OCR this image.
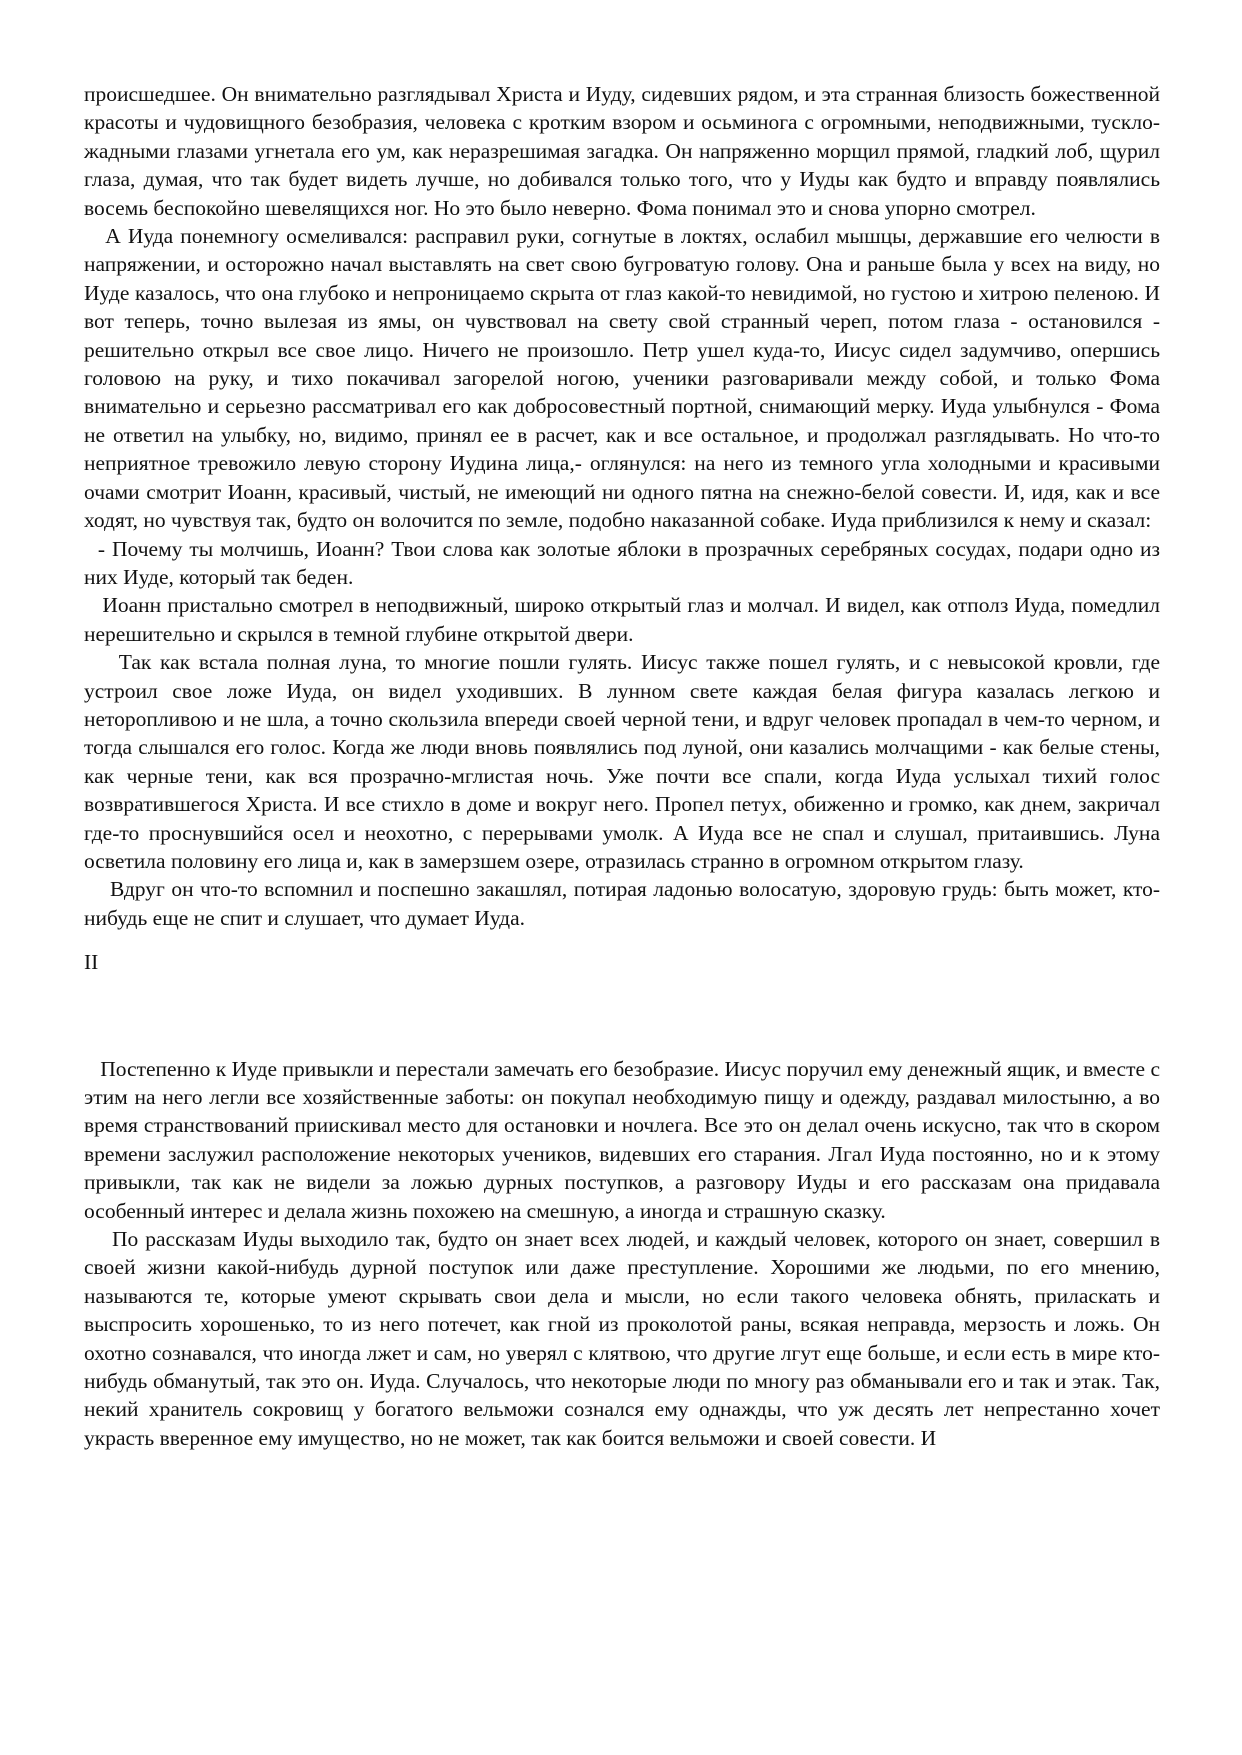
происшедшее. Он внимательно разглядывал Христа и Иуду, сидевших рядом, и эта странная близость божественной красоты и чудовищного безобразия, человека с кротким взором и осьминога с огромными, неподвижными, тускло-жадными глазами угнетала его ум, как неразрешимая загадка. Он напряженно морщил прямой, гладкий лоб, щурил глаза, думая, что так будет видеть лучше, но добивался только того, что у Иуды как будто и вправду появлялись восемь беспокойно шевелящихся ног. Но это было неверно. Фома понимал это и снова упорно смотрел.

А Иуда понемногу осмеливался: расправил руки, согнутые в локтях, ослабил мышцы, державшие его челюсти в напряжении, и осторожно начал выставлять на свет свою бугроватую голову. Она и раньше была у всех на виду, но Иуде казалось, что она глубоко и непроницаемо скрыта от глаз какой-то невидимой, но густою и хитрою пеленою. И вот теперь, точно вылезая из ямы, он чувствовал на свету свой странный череп, потом глаза - остановился - решительно открыл все свое лицо. Ничего не произошло. Петр ушел куда-то, Иисус сидел задумчиво, опершись головою на руку, и тихо покачивал загорелой ногою, ученики разговаривали между собой, и только Фома внимательно и серьезно рассматривал его как добросовестный портной, снимающий мерку. Иуда улыбнулся - Фома не ответил на улыбку, но, видимо, принял ее в расчет, как и все остальное, и продолжал разглядывать. Но что-то неприятное тревожило левую сторону Иудина лица,- оглянулся: на него из темного угла холодными и красивыми очами смотрит Иоанн, красивый, чистый, не имеющий ни одного пятна на снежно-белой совести. И, идя, как и все ходят, но чувствуя так, будто он волочится по земле, подобно наказанной собаке. Иуда приблизился к нему и сказал:

- Почему ты молчишь, Иоанн? Твои слова как золотые яблоки в прозрачных серебряных сосудах, подари одно из них Иуде, который так беден.

Иоанн пристально смотрел в неподвижный, широко открытый глаз и молчал. И видел, как отполз Иуда, помедлил нерешительно и скрылся в темной глубине открытой двери.

Так как встала полная луна, то многие пошли гулять. Иисус также пошел гулять, и с невысокой кровли, где устроил свое ложе Иуда, он видел уходивших. В лунном свете каждая белая фигура казалась легкою и неторопливою и не шла, а точно скользила впереди своей черной тени, и вдруг человек пропадал в чем-то черном, и тогда слышался его голос. Когда же люди вновь появлялись под луной, они казались молчащими - как белые стены, как черные тени, как вся прозрачно-мглистая ночь. Уже почти все спали, когда Иуда услыхал тихий голос возвратившегося Христа. И все стихло в доме и вокруг него. Пропел петух, обиженно и громко, как днем, закричал где-то проснувшийся осел и неохотно, с перерывами умолк. А Иуда все не спал и слушал, притаившись. Луна осветила половину его лица и, как в замерзшем озере, отразилась странно в огромном открытом глазу.

Вдруг он что-то вспомнил и поспешно закашлял, потирая ладонью волосатую, здоровую грудь: быть может, кто-нибудь еще не спит и слушает, что думает Иуда.

II

Постепенно к Иуде привыкли и перестали замечать его безобразие. Иисус поручил ему денежный ящик, и вместе с этим на него легли все хозяйственные заботы: он покупал необходимую пищу и одежду, раздавал милостыню, а во время странствований приискивал место для остановки и ночлега. Все это он делал очень искусно, так что в скором времени заслужил расположение некоторых учеников, видевших его старания. Лгал Иуда постоянно, но и к этому привыкли, так как не видели за ложью дурных поступков, а разговору Иуды и его рассказам она придавала особенный интерес и делала жизнь похожею на смешную, а иногда и страшную сказку.

По рассказам Иуды выходило так, будто он знает всех людей, и каждый человек, которого он знает, совершил в своей жизни какой-нибудь дурной поступок или даже преступление. Хорошими же людьми, по его мнению, называются те, которые умеют скрывать свои дела и мысли, но если такого человека обнять, приласкать и выспросить хорошенько, то из него потечет, как гной из проколотой раны, всякая неправда, мерзость и ложь. Он охотно сознавался, что иногда лжет и сам, но уверял с клятвою, что другие лгут еще больше, и если есть в мире кто-нибудь обманутый, так это он. Иуда. Случалось, что некоторые люди по многу раз обманывали его и так и этак. Так, некий хранитель сокровищ у богатого вельможи сознался ему однажды, что уж десять лет непрестанно хочет украсть вверенное ему имущество, но не может, так как боится вельможи и своей совести. И
